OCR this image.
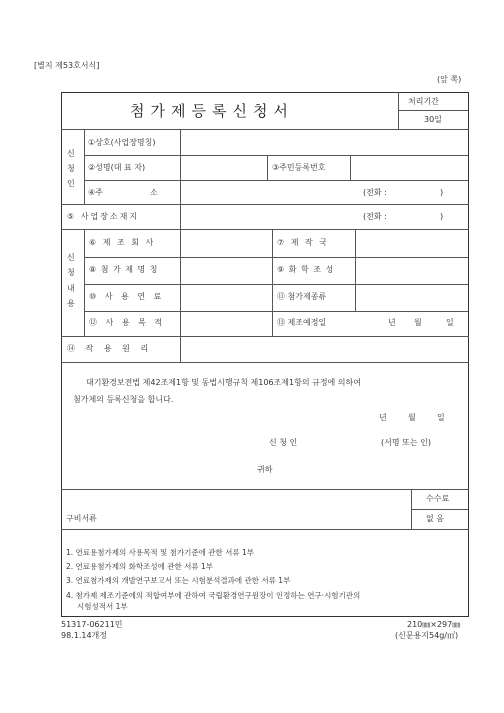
[별지 제53호서식]
(앞 쪽)
첨가제등록신청서
처리기간
30일
신
청
인
①상호(사업장명칭)
②성명(대 표 자)	③주민등록번호
④주	소	(전화 :	)
⑤ 사업장소재지	(전화 :	)
신
청
내
용
⑥ 제 조 회 사	⑦ 제 작 국
⑧ 첨 가 제 명 칭	⑨ 화 학 조 성
⑩ 사 용 연 료	⑪ 첨가제종류
⑫ 사 용 목 적	⑬ 제조예정일	년 월	일
⑭ 작 용 원 리
대기환경보전법 제42조제1항 및 동법시행규칙 제106조제1항의 규정에 의하여
첨가제의 등록신청을 합니다.
년	월	일
신 청 인	(서명 또는 인)
귀하
수수료
없 음
구비서류
1. 연료용첨가제의 사용목적 및 첨가기준에 관한 서류 1부
2. 연료용첨가제의 화학조성에 관한 서류 1부
3. 연료첨가제의 개발연구보고서 또는 시험분석결과에 관한 서류 1부
4. 첨가제 제조기준에의 적합여부에 관하여 국립환경연구원장이 인정하는 연구·시험기관의
시험성적서 1부
51317-06211민
98.1.14개정
210㎜×297㎜
(신문용지54g/㎡)
